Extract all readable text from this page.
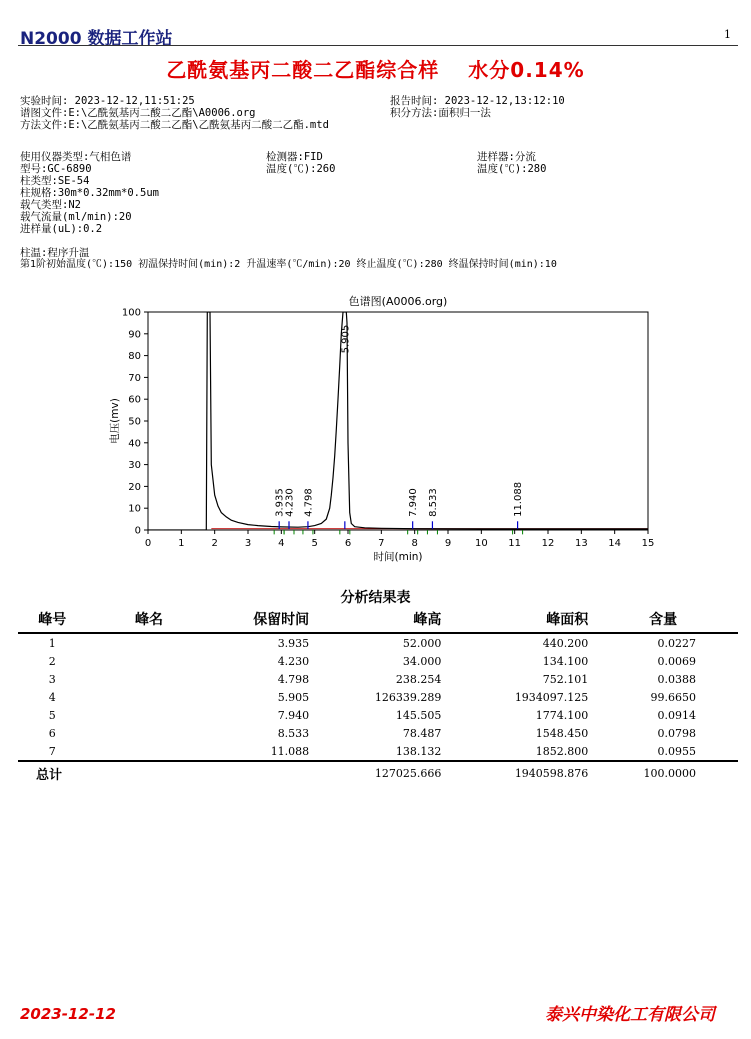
N2000 数据工作站	1
乙酰氨基丙二酸二乙酯综合样　 水分0.14%
实验时间: 2023-12-12,11:51:25
谱图文件:E:\乙酰氨基丙二酸二乙酯\A0006.org
方法文件:E:\乙酰氨基丙二酸二乙酯\乙酰氨基丙二酸二乙酯.mtd
报告时间: 2023-12-12,13:12:10
积分方法:面积归一法
使用仪器类型:气相色谱
型号:GC-6890
柱类型:SE-54
柱规格:30m*0.32mm*0.5um
载气类型:N2
载气流量(ml/min):20
进样量(uL):0.2
检测器:FID
温度(℃):260
进样器:分流
温度(℃):280
柱温:程序升温
第1阶初始温度(℃):150 初温保持时间(min):2 升温速率(℃/min):20 终止温度(℃):280 终温保持时间(min):10
色谱图(A0006.org)
0
10
20
30
40
50
60
70
80
90
100
0	1	2	3	4	5	6	7	8	9 10 11 12 13 14 15
时间(min)
电压(mv)
3.935
4.230 4.798
5.905
7.940 8.533	11.088
分析结果表
峰号	峰名	保留时间	峰高	峰面积	含量
1		3.935	52.000	440.200	0.0227
2		4.230	34.000	134.100	0.0069
3		4.798	238.254	752.101	0.0388
4		5.905	126339.289	1934097.125	99.6650
5		7.940	145.505	1774.100	0.0914
6		8.533	78.487	1548.450	0.0798
7		11.088	138.132	1852.800	0.0955
总计			127025.666	1940598.876	100.0000
2023-12-12	泰兴中染化工有限公司
